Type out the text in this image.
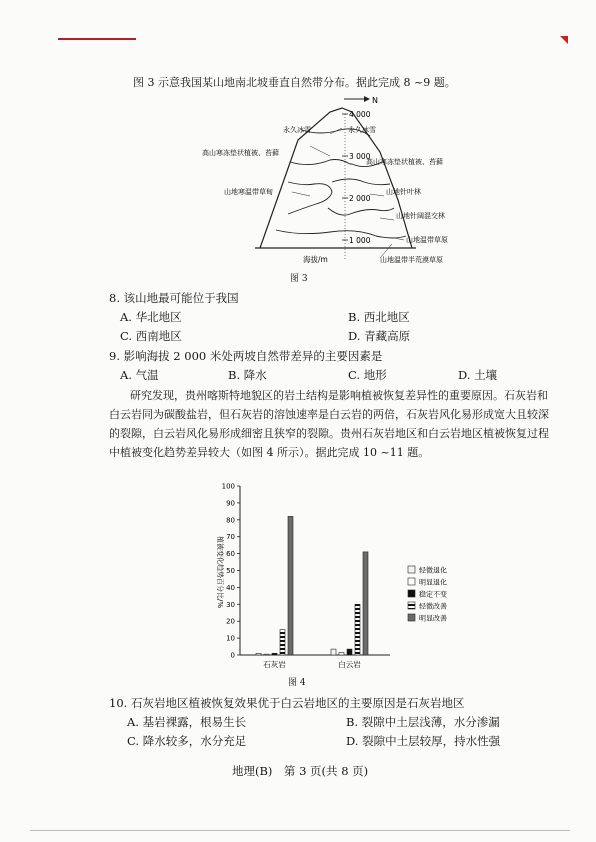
图 3 示意我国某山地南北坡垂直自然带分布。据此完成 8 ~9 题。
N
4 000
3 000
2 000
1 000
永久冰雪	永久冰雪
高山寒冻垫状植被、苔藓
高山寒冻垫状植被、苔藓
山地寒温带草甸	山地针叶林
山地针阔混交林
山地温带草原
山地温带半荒漠草原
海拔/m
图 3
8. 该山地最可能位于我国
A. 华北地区	B. 西北地区
C. 西南地区	D. 青藏高原
9. 影响海拔 2 000 米处两坡自然带差异的主要因素是
A. 气温	B. 降水	C. 地形	D. 土壤
研究发现，贵州喀斯特地貌区的岩土结构是影响植被恢复差异性的重要原因。石灰岩和
白云岩同为碳酸盐岩，但石灰岩的溶蚀速率是白云岩的两倍，石灰岩风化易形成宽大且较深
的裂隙，白云岩风化易形成细密且狭窄的裂隙。贵州石灰岩地区和白云岩地区植被恢复过程
中植被变化趋势差异较大（如图 4 所示）。据此完成 10 ~11 题。
0
10
20
30
40
50
60
70
80
90
100
石灰岩	白云岩
轻微退化
明显退化
稳定不变
轻微改善
明显改善
植被变化趋势百分比/%
图 4
10. 石灰岩地区植被恢复效果优于白云岩地区的主要原因是石灰岩地区
A. 基岩裸露，根易生长	B. 裂隙中土层浅薄，水分渗漏
C. 降水较多，水分充足	D. 裂隙中土层较厚，持水性强
地理(B)　第 3 页(共 8 页)
